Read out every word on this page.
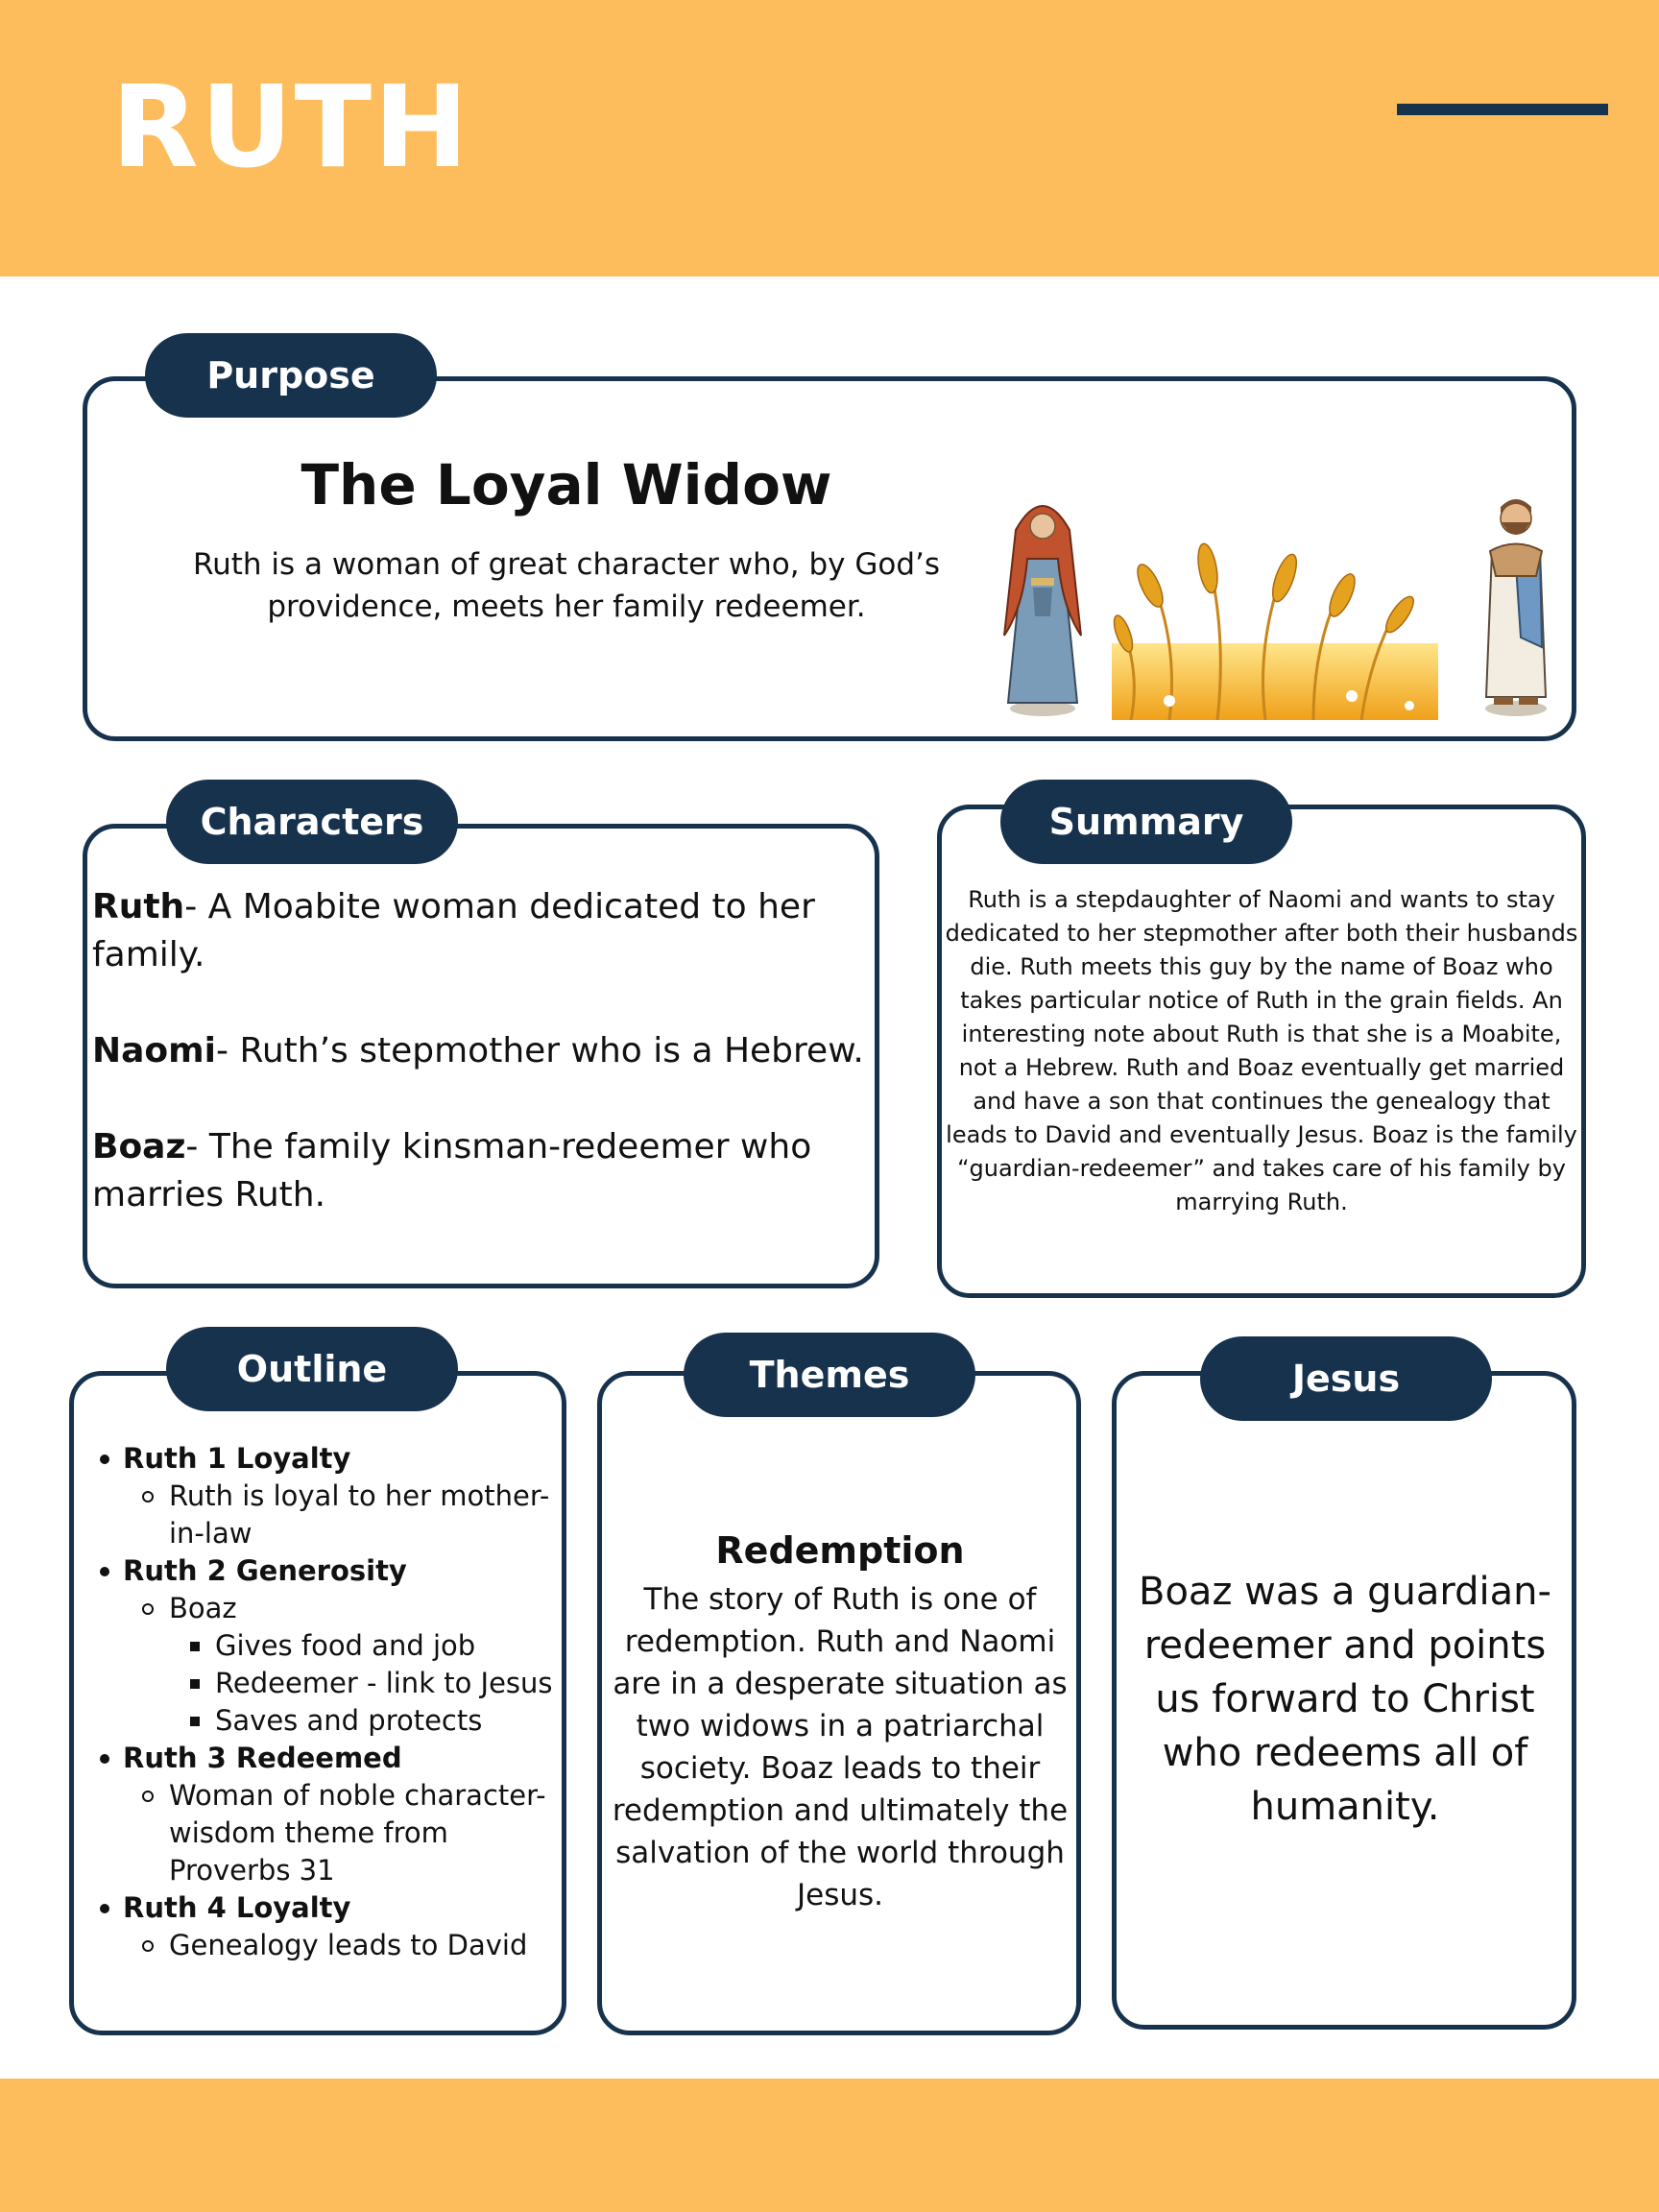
RUTH
Purpose
The Loyal Widow
Ruth is a woman of great character who, by God’s providence, meets her family redeemer.
Characters

Ruth- A Moabite woman dedicated to her family.

Naomi- Ruth’s stepmother who is a Hebrew.

Boaz- The family kinsman-redeemer who marries Ruth.

Summary
Ruth is a stepdaughter of Naomi and wants to stay dedicated to her stepmother after both their husbands die. Ruth meets this guy by the name of Boaz who takes particular notice of Ruth in the grain fields. An interesting note about Ruth is that she is a Moabite, not a Hebrew. Ruth and Boaz eventually get married and have a son that continues the genealogy that leads to David and eventually Jesus. Boaz is the family “guardian-redeemer” and takes care of his family by marrying Ruth.
Outline
Ruth 1 Loyalty
Ruth is loyal to her mother-in-law
Ruth 2 Generosity
Boaz
Gives food and job
Redeemer - link to Jesus
Saves and protects
Ruth 3 Redeemed
Woman of noble character- wisdom theme from Proverbs 31
Ruth 4 Loyalty
Genealogy leads to David
Themes
Redemption
The story of Ruth is one of redemption. Ruth and Naomi are in a desperate situation as two widows in a patriarchal society. Boaz leads to their redemption and ultimately the salvation of the world through Jesus.
Jesus
Boaz was a guardian-redeemer and points us forward to Christ who redeems all of humanity.
